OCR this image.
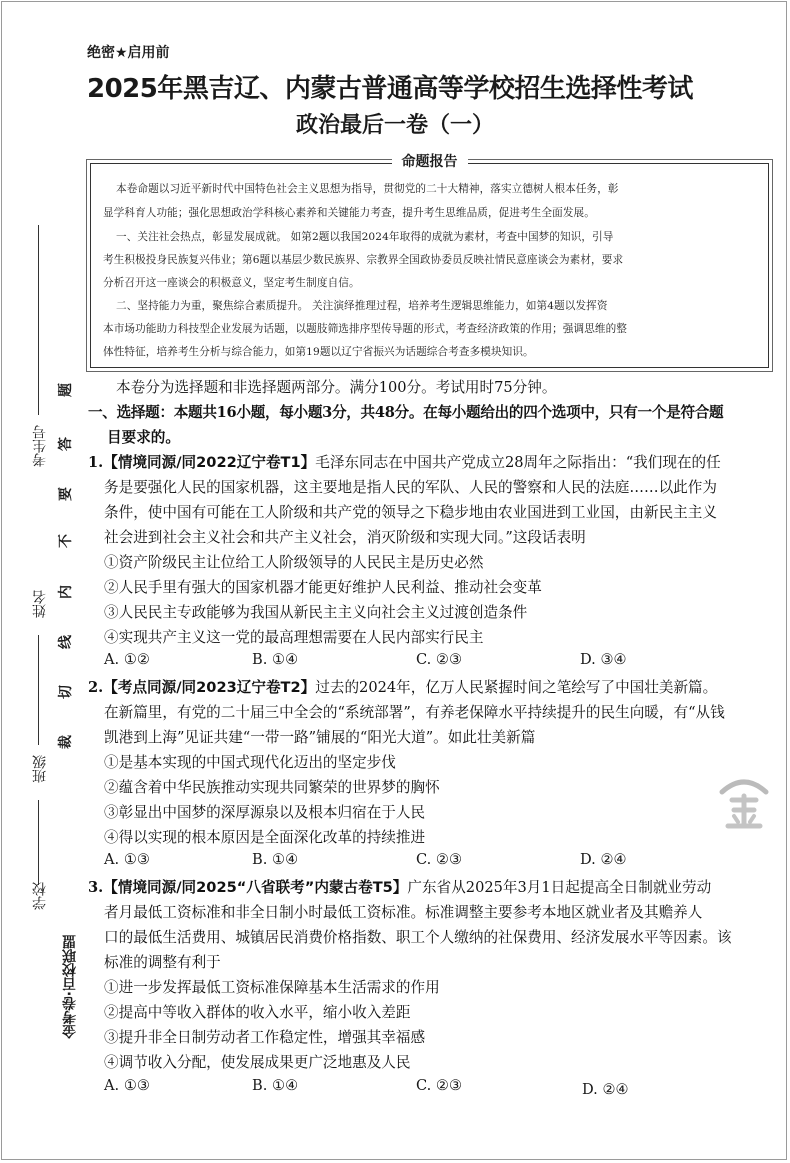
绝密★启用前
2025年黑吉辽、内蒙古普通高等学校招生选择性考试
政治最后一卷（一）
命题报告
本卷命题以习近平新时代中国特色社会主义思想为指导，贯彻党的二十大精神，落实立德树人根本任务，彰
显学科育人功能；强化思想政治学科核心素养和关键能力考查，提升考生思维品质，促进考生全面发展。
一、关注社会热点，彰显发展成就。 如第2题以我国2024年取得的成就为素材，考查中国梦的知识，引导
考生积极投身民族复兴伟业；第6题以基层少数民族界、宗教界全国政协委员反映社情民意座谈会为素材，要求
分析召开这一座谈会的积极意义，坚定考生制度自信。
二、坚持能力为重，聚焦综合素质提升。 关注演绎推理过程，培养考生逻辑思维能力，如第4题以发挥资
本市场功能助力科技型企业发展为话题，以题肢筛选排序型传导题的形式，考查经济政策的作用；强调思维的整
体性特征，培养考生分析与综合能力，如第19题以辽宁省振兴为话题综合考查多模块知识。
本卷分为选择题和非选择题两部分。满分100分。考试用时75分钟。
一、选择题：本题共16小题，每小题3分，共48分。在每小题给出的四个选项中，只有一个是符合题
目要求的。
1.【情境同源/同2022辽宁卷T1】毛泽东同志在中国共产党成立28周年之际指出：“我们现在的任
务是要强化人民的国家机器，这主要地是指人民的军队、人民的警察和人民的法庭……以此作为
条件，使中国有可能在工人阶级和共产党的领导之下稳步地由农业国进到工业国，由新民主主义
社会进到社会主义社会和共产主义社会，消灭阶级和实现大同。”这段话表明
①资产阶级民主让位给工人阶级领导的人民民主是历史必然
②人民手里有强大的国家机器才能更好维护人民利益、推动社会变革
③人民民主专政能够为我国从新民主主义向社会主义过渡创造条件
④实现共产主义这一党的最高理想需要在人民内部实行民主
A. ①②	B. ①④	C. ②③	D. ③④
2.【考点同源/同2023辽宁卷T2】过去的2024年，亿万人民紧握时间之笔绘写了中国壮美新篇。
在新篇里，有党的二十届三中全会的“系统部署”，有养老保障水平持续提升的民生向暖，有“从钱
凯港到上海”见证共建“一带一路”铺展的“阳光大道”。如此壮美新篇
①是基本实现的中国式现代化迈出的坚定步伐
②蕴含着中华民族推动实现共同繁荣的世界梦的胸怀
③彰显出中国梦的深厚源泉以及根本归宿在于人民
④得以实现的根本原因是全面深化改革的持续推进
A. ①③	B. ①④	C. ②③	D. ②④
3.【情境同源/同2025“八省联考”内蒙古卷T5】广东省从2025年3月1日起提高全日制就业劳动
者月最低工资标准和非全日制小时最低工资标准。标准调整主要参考本地区就业者及其赡养人
口的最低生活费用、城镇居民消费价格指数、职工个人缴纳的社保费用、经济发展水平等因素。该
标准的调整有利于
①进一步发挥最低工资标准保障基本生活需求的作用
②提高中等收入群体的收入水平，缩小收入差距
③提升非全日制劳动者工作稳定性，增强其幸福感
④调节收入分配，使发展成果更广泛地惠及人民
A. ①③	B. ①④	C. ②③	D. ②④
考生号
姓名
班级
学校
金考卷·百校联盟
题
答
要
不
内
线
切
裁
